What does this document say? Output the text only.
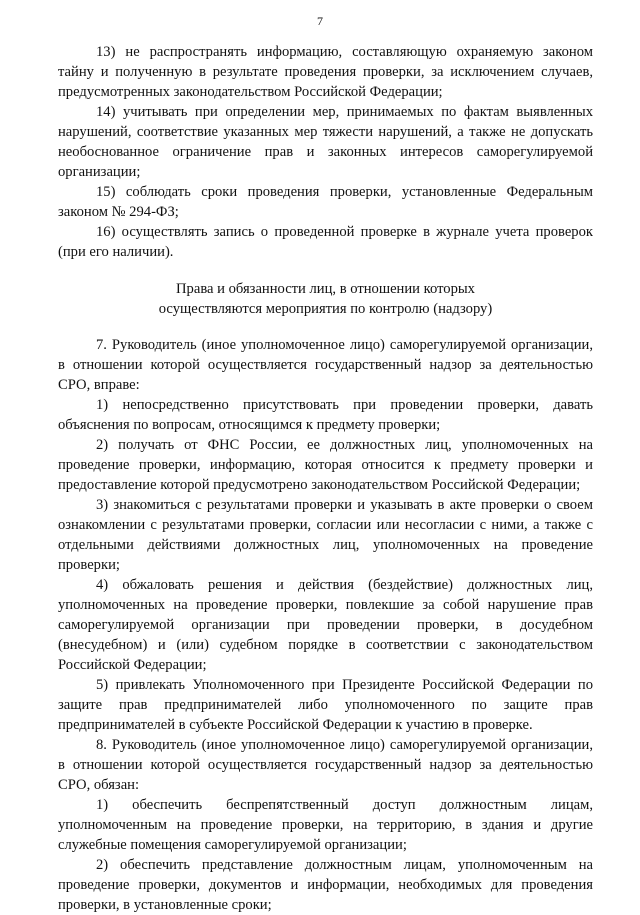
7

13) не распространять информацию, составляющую охраняемую законом тайну и полученную в результате проведения проверки, за исключением случаев, предусмотренных законодательством Российской Федерации;

14) учитывать при определении мер, принимаемых по фактам выявленных нарушений, соответствие указанных мер тяжести нарушений, а также не допускать необоснованное ограничение прав и законных интересов саморегулируемой организации;

15) соблюдать сроки проведения проверки, установленные Федеральным законом № 294-ФЗ;

16) осуществлять запись о проведенной проверке в журнале учета проверок (при его наличии).

Права и обязанности лиц, в отношении которых
осуществляются мероприятия по контролю (надзору)

7. Руководитель (иное уполномоченное лицо) саморегулируемой организации, в отношении которой осуществляется государственный надзор за деятельностью СРО, вправе:

1) непосредственно присутствовать при проведении проверки, давать объяснения по вопросам, относящимся к предмету проверки;

2) получать от ФНС России, ее должностных лиц, уполномоченных на проведение проверки, информацию, которая относится к предмету проверки и предоставление которой предусмотрено законодательством Российской Федерации;

3) знакомиться с результатами проверки и указывать в акте проверки о своем ознакомлении с результатами проверки, согласии или несогласии с ними, а также с отдельными действиями должностных лиц, уполномоченных на проведение проверки;

4) обжаловать решения и действия (бездействие) должностных лиц, уполномоченных на проведение проверки, повлекшие за собой нарушение прав саморегулируемой организации при проведении проверки, в досудебном (внесудебном) и (или) судебном порядке в соответствии с законодательством Российской Федерации;

5) привлекать Уполномоченного при Президенте Российской Федерации по защите прав предпринимателей либо уполномоченного по защите прав предпринимателей в субъекте Российской Федерации к участию в проверке.

8. Руководитель (иное уполномоченное лицо) саморегулируемой организации, в отношении которой осуществляется государственный надзор за деятельностью СРО, обязан:

1) обеспечить беспрепятственный доступ должностным лицам, уполномоченным на проведение проверки, на территорию, в здания и другие служебные помещения саморегулируемой организации;

2) обеспечить представление должностным лицам, уполномоченным на проведение проверки, документов и информации, необходимых для проведения проверки, в установленные сроки;
